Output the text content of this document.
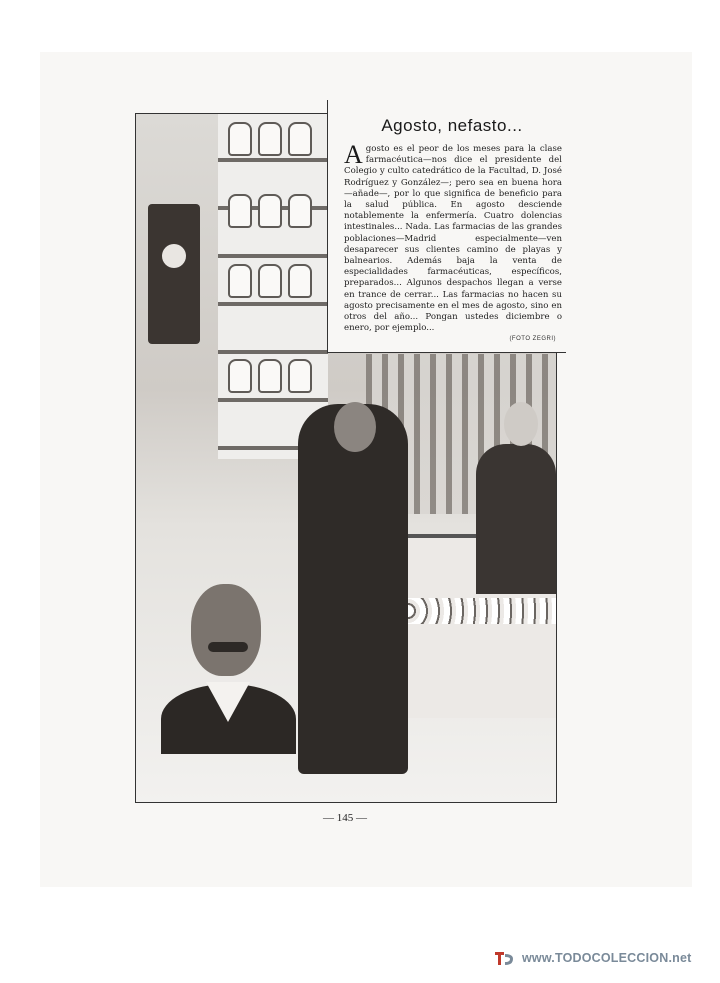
Agosto, nefasto...

Agosto es el peor de los meses para la clase farmacéutica—nos dice el presidente del Colegio y culto catedrático de la Facultad, D. José Rodríguez y González—; pero sea en buena hora—añade—, por lo que significa de beneficio para la salud pública. En agosto desciende notablemente la enfermería. Cuatro dolencias intestinales... Nada. Las farmacias de las grandes poblaciones—Madrid especialmente—ven desaparecer sus clientes camino de playas y balnearios. Además baja la venta de especialidades farmacéuticas, específicos, preparados... Algunos despachos llegan a verse en trance de cerrar... Las farmacias no hacen su agosto precisamente en el mes de agosto, sino en otros del año... Pongan ustedes diciembre o enero, por ejemplo...

(FOTO ZEGRI)
— 145 —
www.TODOCOLECCION.net
